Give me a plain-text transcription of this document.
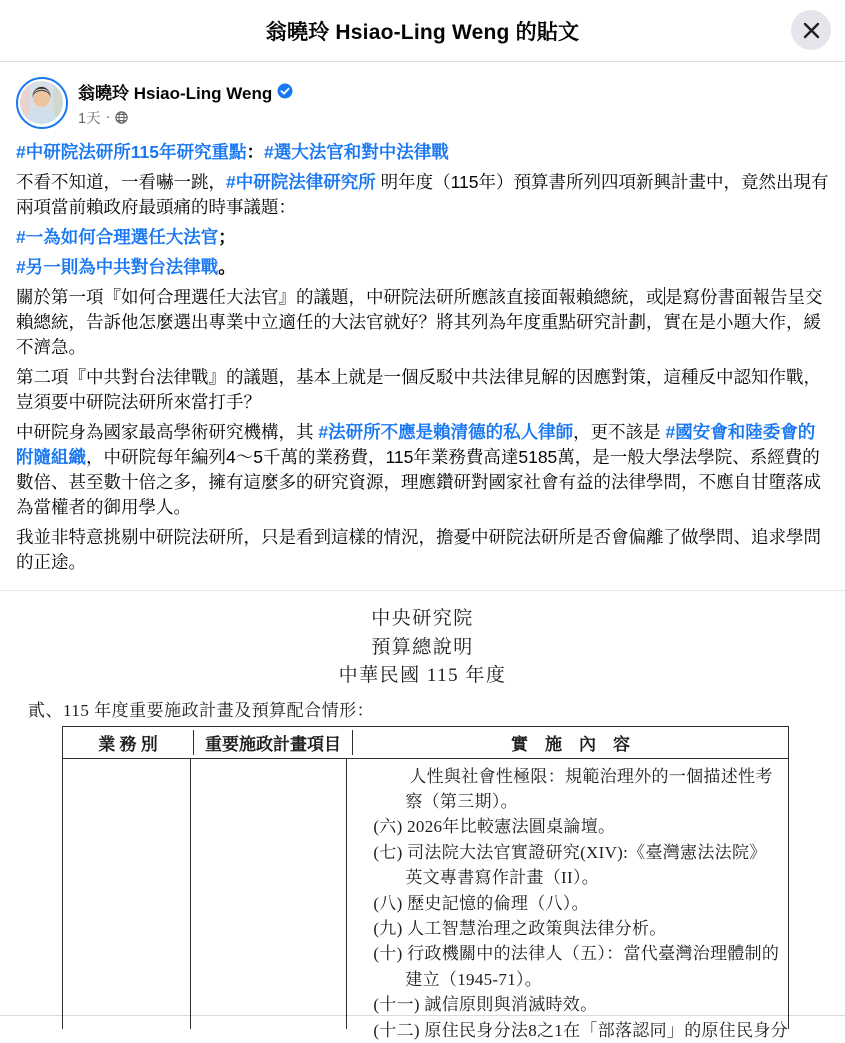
翁曉玲 Hsiao-Ling Weng 的貼文
翁曉玲 Hsiao-Ling Weng
1天 ·
#中研院法研所115年研究重點：#選大法官和對中法律戰
不看不知道，一看嚇一跳，#中研院法律研究所 明年度（115年）預算書所列四項新興計畫中，竟然出現有兩項當前賴政府最頭痛的時事議題：
#一為如何合理選任大法官；
#另一則為中共對台法律戰。
關於第一項『如何合理選任大法官』的議題，中研院法研所應該直接面報賴總統，或是寫份書面報告呈交賴總統，告訴他怎麼選出專業中立適任的大法官就好？將其列為年度重點研究計劃，實在是小題大作，緩不濟急。
第二項『中共對台法律戰』的議題，基本上就是一個反駁中共法律見解的因應對策，這種反中認知作戰，豈須要中研院法研所來當打手？
中研院身為國家最高學術研究機構，其 #法研所不應是賴清德的私人律師，更不該是 #國安會和陸委會的附隨組織，中研院每年編列4～5千萬的業務費，115年業務費高達5185萬，是一般大學法學院、系經費的數倍、甚至數十倍之多，擁有這麼多的研究資源，理應鑽研對國家社會有益的法律學問，不應自甘墮落成為當權者的御用學人。
我並非特意挑剔中研院法研所，只是看到這樣的情況，擔憂中研院法研所是否會偏離了做學問、追求學問的正途。
中央研究院
預算總說明
中華民國 115 年度
貳、115 年度重要施政計畫及預算配合情形：
業 務 別	重要施政計畫項目	實　施　內　容
人性與社會性極限：規範治理外的一個描述性考
察（第三期）。
(六) 2026年比較憲法圓桌論壇。
(七) 司法院大法官實證研究(XIV):《臺灣憲法法院》
英文專書寫作計畫（II）。
(八) 歷史記憶的倫理（八）。
(九) 人工智慧治理之政策與法律分析。
(十) 行政機關中的法律人（五）：當代臺灣治理體制的
建立（1945-71）。
(十一) 誠信原則與消滅時效。
(十二) 原住民身分法8之1在「部落認同」的原住民身分
